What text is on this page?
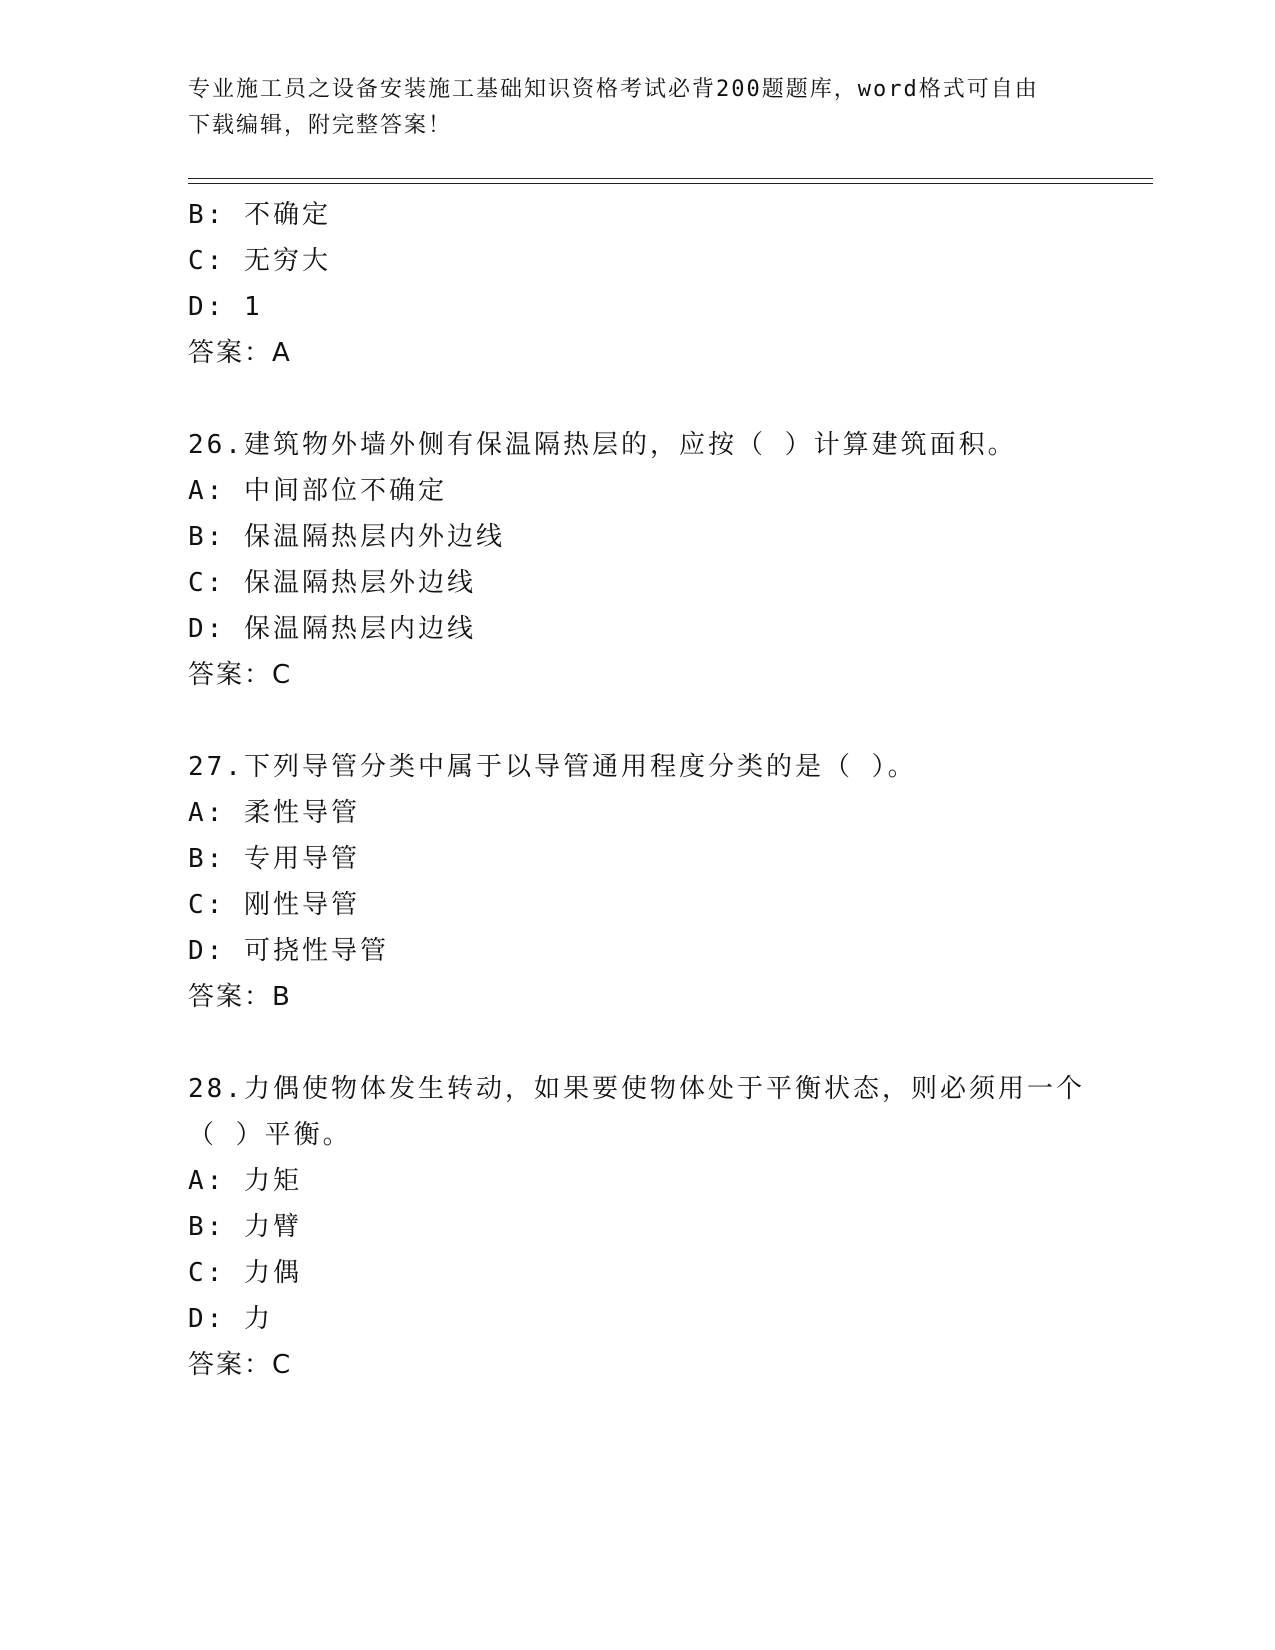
专业施工员之设备安装施工基础知识资格考试必背200题题库，word格式可自由
下载编辑，附完整答案！
B: 不确定
C: 无穷大
D: 1
答案：A
26.建筑物外墙外侧有保温隔热层的，应按（ ）计算建筑面积。
A: 中间部位不确定
B: 保温隔热层内外边线
C: 保温隔热层外边线
D: 保温隔热层内边线
答案：C
27.下列导管分类中属于以导管通用程度分类的是（ ）。
A: 柔性导管
B: 专用导管
C: 刚性导管
D: 可挠性导管
答案：B
28.力偶使物体发生转动，如果要使物体处于平衡状态，则必须用一个
（ ）平衡。
A: 力矩
B: 力臂
C: 力偶
D: 力
答案：C
